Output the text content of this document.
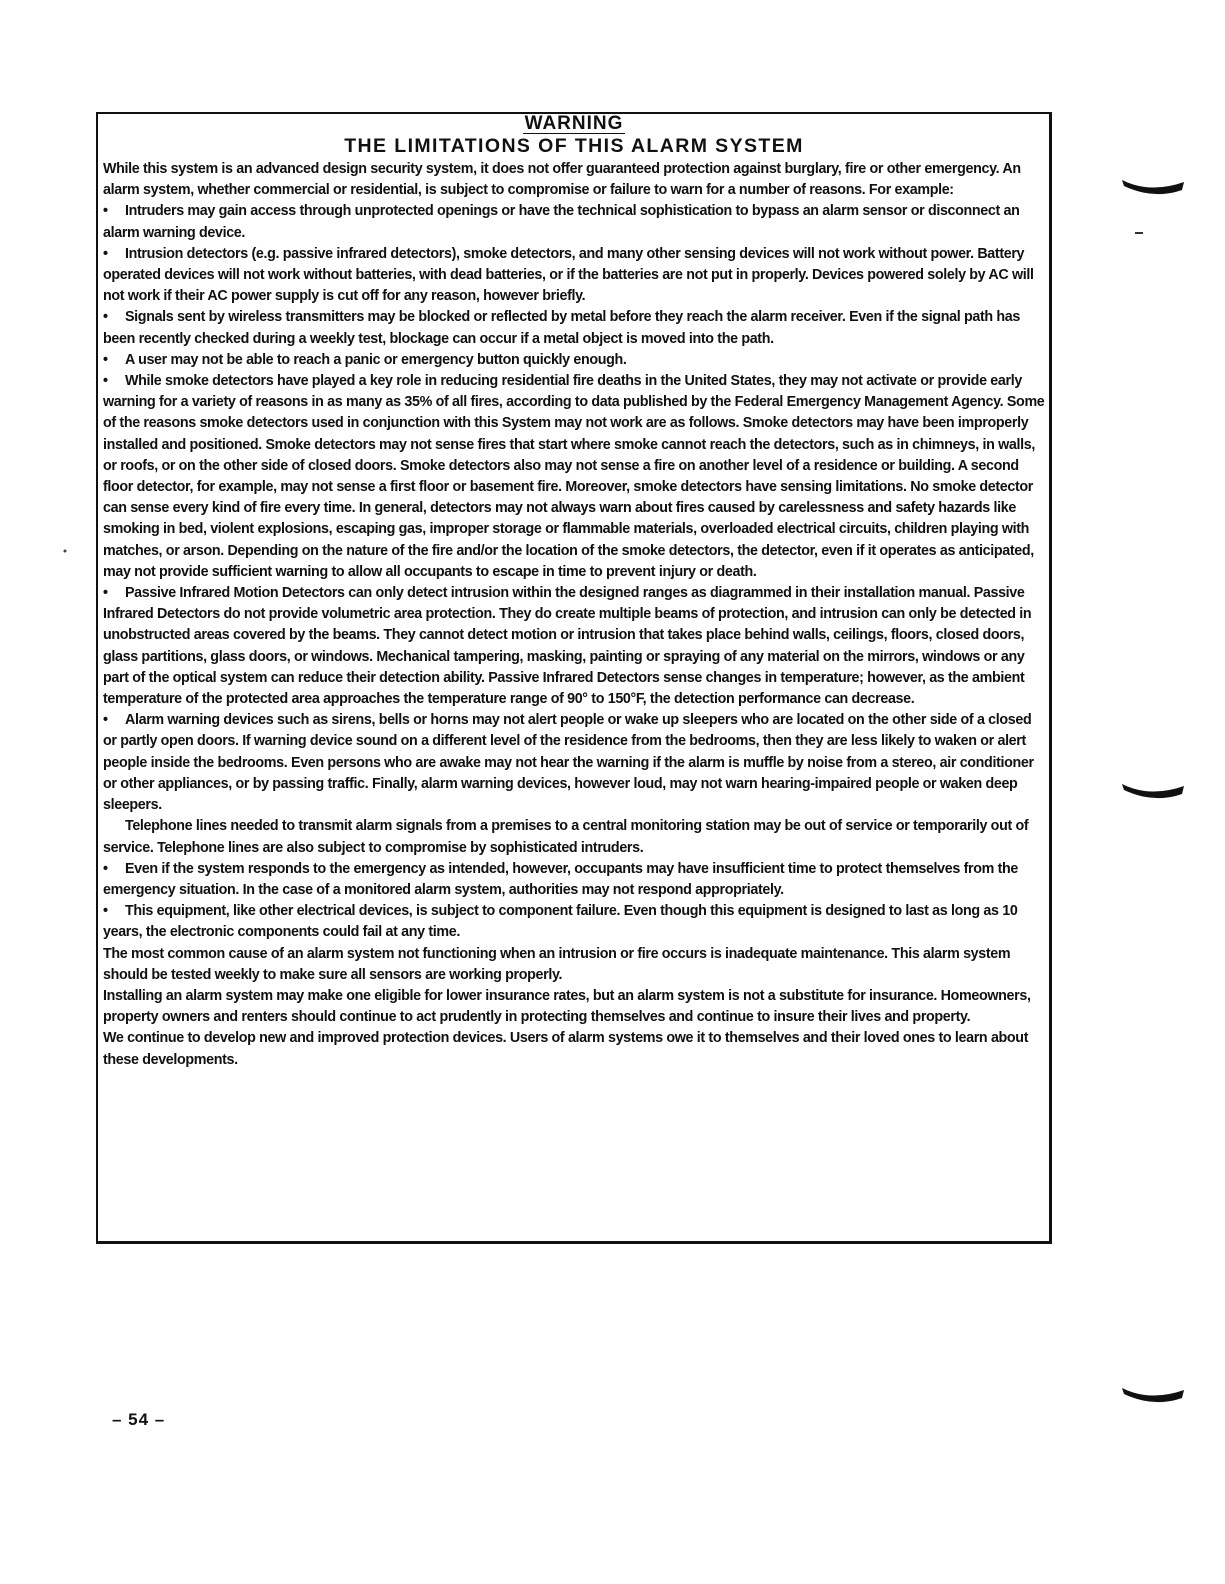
WARNING

THE LIMITATIONS OF THIS ALARM SYSTEM

While this system is an advanced design security system, it does not offer guaranteed protection against burglary, fire or other emergency. An alarm system, whether commercial or residential, is subject to compromise or failure to warn for a number of reasons. For example:

• Intruders may gain access through unprotected openings or have the technical sophistication to bypass an alarm sensor or disconnect an alarm warning device.

• Intrusion detectors (e.g. passive infrared detectors), smoke detectors, and many other sensing devices will not work without power. Battery operated devices will not work without batteries, with dead batteries, or if the batteries are not put in properly. Devices powered solely by AC will not work if their AC power supply is cut off for any reason, however briefly.

• Signals sent by wireless transmitters may be blocked or reflected by metal before they reach the alarm receiver. Even if the signal path has been recently checked during a weekly test, blockage can occur if a metal object is moved into the path.

• A user may not be able to reach a panic or emergency button quickly enough.

• While smoke detectors have played a key role in reducing residential fire deaths in the United States, they may not activate or provide early warning for a variety of reasons in as many as 35% of all fires, according to data published by the Federal Emergency Management Agency. Some of the reasons smoke detectors used in conjunction with this System may not work are as follows. Smoke detectors may have been improperly installed and positioned. Smoke detectors may not sense fires that start where smoke cannot reach the detectors, such as in chimneys, in walls, or roofs, or on the other side of closed doors. Smoke detectors also may not sense a fire on another level of a residence or building. A second floor detector, for example, may not sense a first floor or basement fire. Moreover, smoke detectors have sensing limitations. No smoke detector can sense every kind of fire every time. In general, detectors may not always warn about fires caused by carelessness and safety hazards like smoking in bed, violent explosions, escaping gas, improper storage or flammable materials, overloaded electrical circuits, children playing with matches, or arson. Depending on the nature of the fire and/or the location of the smoke detectors, the detector, even if it operates as anticipated, may not provide sufficient warning to allow all occupants to escape in time to prevent injury or death.

• Passive Infrared Motion Detectors can only detect intrusion within the designed ranges as diagrammed in their installation manual. Passive Infrared Detectors do not provide volumetric area protection. They do create multiple beams of protection, and intrusion can only be detected in unobstructed areas covered by the beams. They cannot detect motion or intrusion that takes place behind walls, ceilings, floors, closed doors, glass partitions, glass doors, or windows. Mechanical tampering, masking, painting or spraying of any material on the mirrors, windows or any part of the optical system can reduce their detection ability. Passive Infrared Detectors sense changes in temperature; however, as the ambient temperature of the protected area approaches the temperature range of 90° to 150°F, the detection performance can decrease.

• Alarm warning devices such as sirens, bells or horns may not alert people or wake up sleepers who are located on the other side of a closed or partly open doors. If warning device sound on a different level of the residence from the bedrooms, then they are less likely to waken or alert people inside the bedrooms. Even persons who are awake may not hear the warning if the alarm is muffle by noise from a stereo, air conditioner or other appliances, or by passing traffic. Finally, alarm warning devices, however loud, may not warn hearing-impaired people or waken deep sleepers.

Telephone lines needed to transmit alarm signals from a premises to a central monitoring station may be out of service or temporarily out of service. Telephone lines are also subject to compromise by sophisticated intruders.

• Even if the system responds to the emergency as intended, however, occupants may have insufficient time to protect themselves from the emergency situation. In the case of a monitored alarm system, authorities may not respond appropriately.

• This equipment, like other electrical devices, is subject to component failure. Even though this equipment is designed to last as long as 10 years, the electronic components could fail at any time.

The most common cause of an alarm system not functioning when an intrusion or fire occurs is inadequate maintenance. This alarm system should be tested weekly to make sure all sensors are working properly.

Installing an alarm system may make one eligible for lower insurance rates, but an alarm system is not a substitute for insurance. Homeowners, property owners and renters should continue to act prudently in protecting themselves and continue to insure their lives and property.

We continue to develop new and improved protection devices. Users of alarm systems owe it to themselves and their loved ones to learn about these developments.

– 54 –
